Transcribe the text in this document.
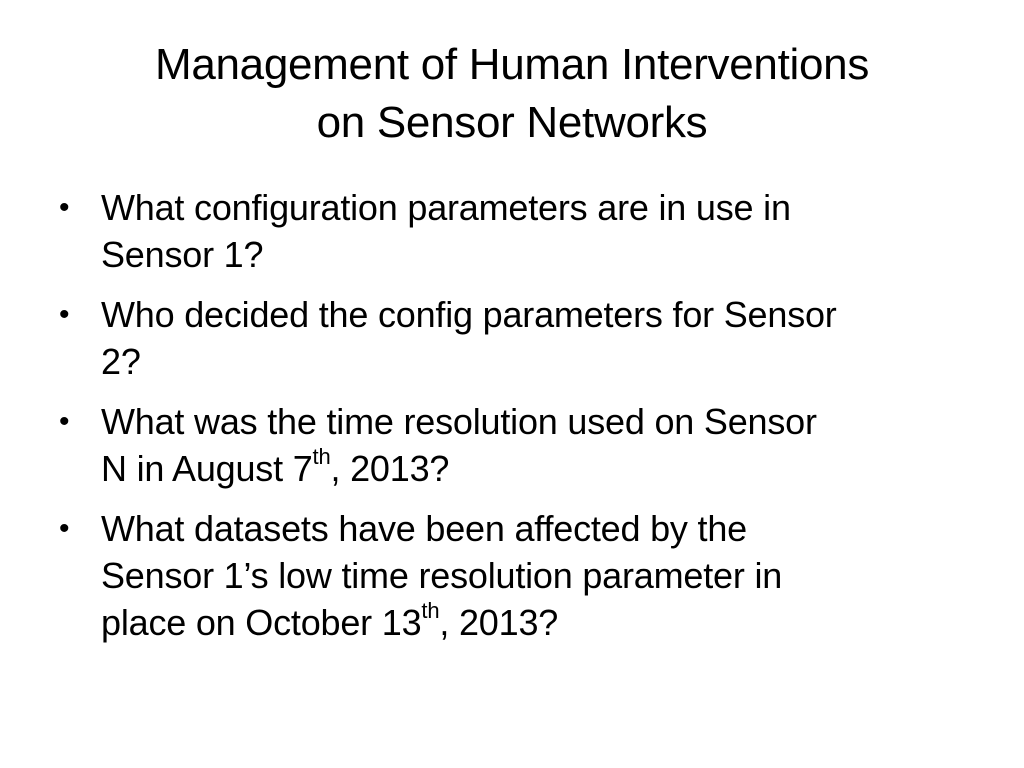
Management of Human Interventions
on Sensor Networks
• What configuration parameters are in use in
Sensor 1?
• Who decided the config parameters for Sensor
2?
• What was the time resolution used on Sensor
N in August 7th, 2013?
• What datasets have been affected by the
Sensor 1’s low time resolution parameter in
place on October 13th, 2013?
